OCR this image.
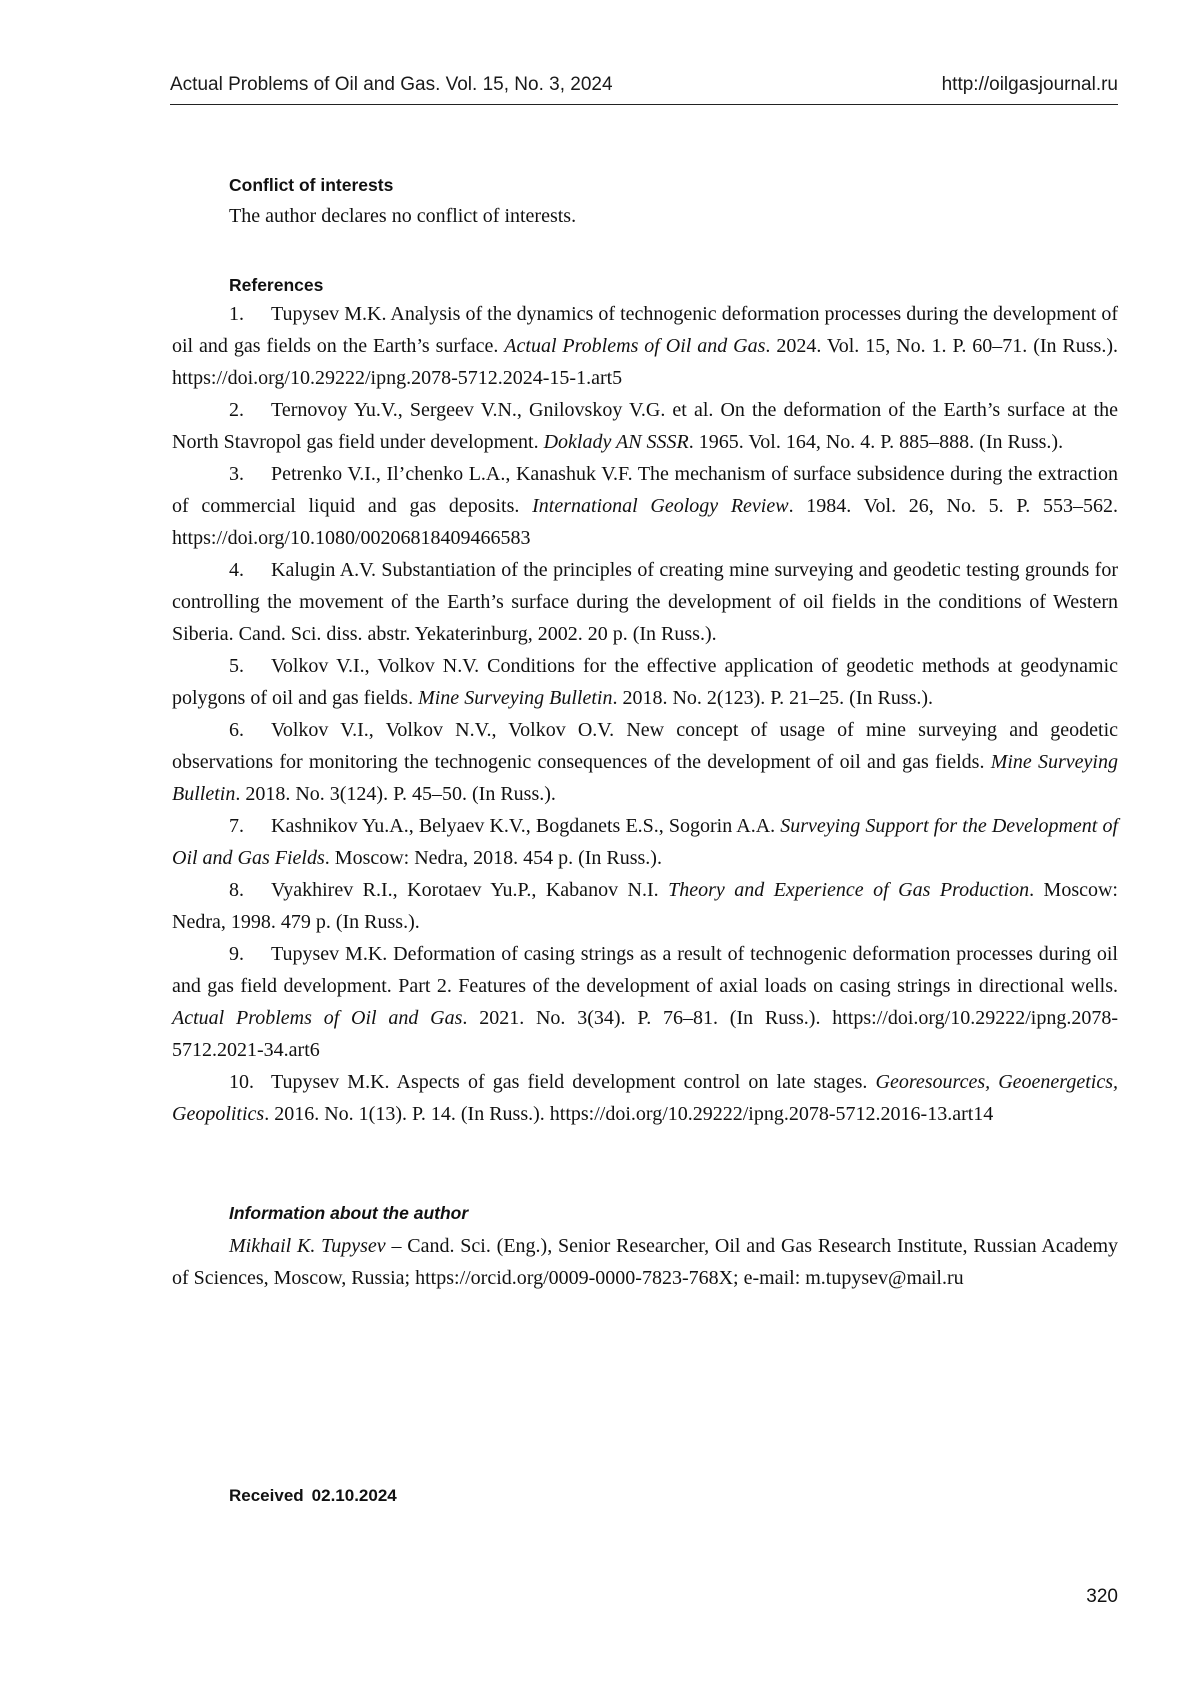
Actual Problems of Oil and Gas. Vol. 15, No. 3, 2024	http://oilgasjournal.ru
Conflict of interests
The author declares no conflict of interests.
References
1. Tupysev M.K. Analysis of the dynamics of technogenic deformation processes during the development of oil and gas fields on the Earth’s surface. Actual Problems of Oil and Gas. 2024. Vol. 15, No. 1. P. 60–71. (In Russ.). https://doi.org/10.29222/ipng.2078-5712.2024-15-1.art5
2. Ternovoy Yu.V., Sergeev V.N., Gnilovskoy V.G. et al. On the deformation of the Earth’s surface at the North Stavropol gas field under development. Doklady AN SSSR. 1965. Vol. 164, No. 4. P. 885–888. (In Russ.).
3. Petrenko V.I., Il’chenko L.A., Kanashuk V.F. The mechanism of surface subsidence during the extraction of commercial liquid and gas deposits. International Geology Review. 1984. Vol. 26, No. 5. P. 553–562. https://doi.org/10.1080/00206818409466583
4. Kalugin A.V. Substantiation of the principles of creating mine surveying and geodetic testing grounds for controlling the movement of the Earth’s surface during the development of oil fields in the conditions of Western Siberia. Cand. Sci. diss. abstr. Yekaterinburg, 2002. 20 p. (In Russ.).
5. Volkov V.I., Volkov N.V. Conditions for the effective application of geodetic methods at geodynamic polygons of oil and gas fields. Mine Surveying Bulletin. 2018. No. 2(123). P. 21–25. (In Russ.).
6. Volkov V.I., Volkov N.V., Volkov O.V. New concept of usage of mine surveying and geodetic observations for monitoring the technogenic consequences of the development of oil and gas fields. Mine Surveying Bulletin. 2018. No. 3(124). P. 45–50. (In Russ.).
7. Kashnikov Yu.A., Belyaev K.V., Bogdanets E.S., Sogorin A.A. Surveying Support for the Development of Oil and Gas Fields. Moscow: Nedra, 2018. 454 p. (In Russ.).
8. Vyakhirev R.I., Korotaev Yu.P., Kabanov N.I. Theory and Experience of Gas Production. Moscow: Nedra, 1998. 479 p. (In Russ.).
9. Tupysev M.K. Deformation of casing strings as a result of technogenic deformation processes during oil and gas field development. Part 2. Features of the development of axial loads on casing strings in directional wells. Actual Problems of Oil and Gas. 2021. No. 3(34). P. 76–81. (In Russ.). https://doi.org/10.29222/ipng.2078-5712.2021-34.art6
10. Tupysev M.K. Aspects of gas field development control on late stages. Georesources, Geoenergetics, Geopolitics. 2016. No. 1(13). P. 14. (In Russ.). https://doi.org/10.29222/ipng.2078-5712.2016-13.art14
Information about the author
Mikhail K. Tupysev – Cand. Sci. (Eng.), Senior Researcher, Oil and Gas Research Institute, Russian Academy of Sciences, Moscow, Russia; https://orcid.org/0009-0000-7823-768X; e-mail: m.tupysev@mail.ru
Received 02.10.2024
320
